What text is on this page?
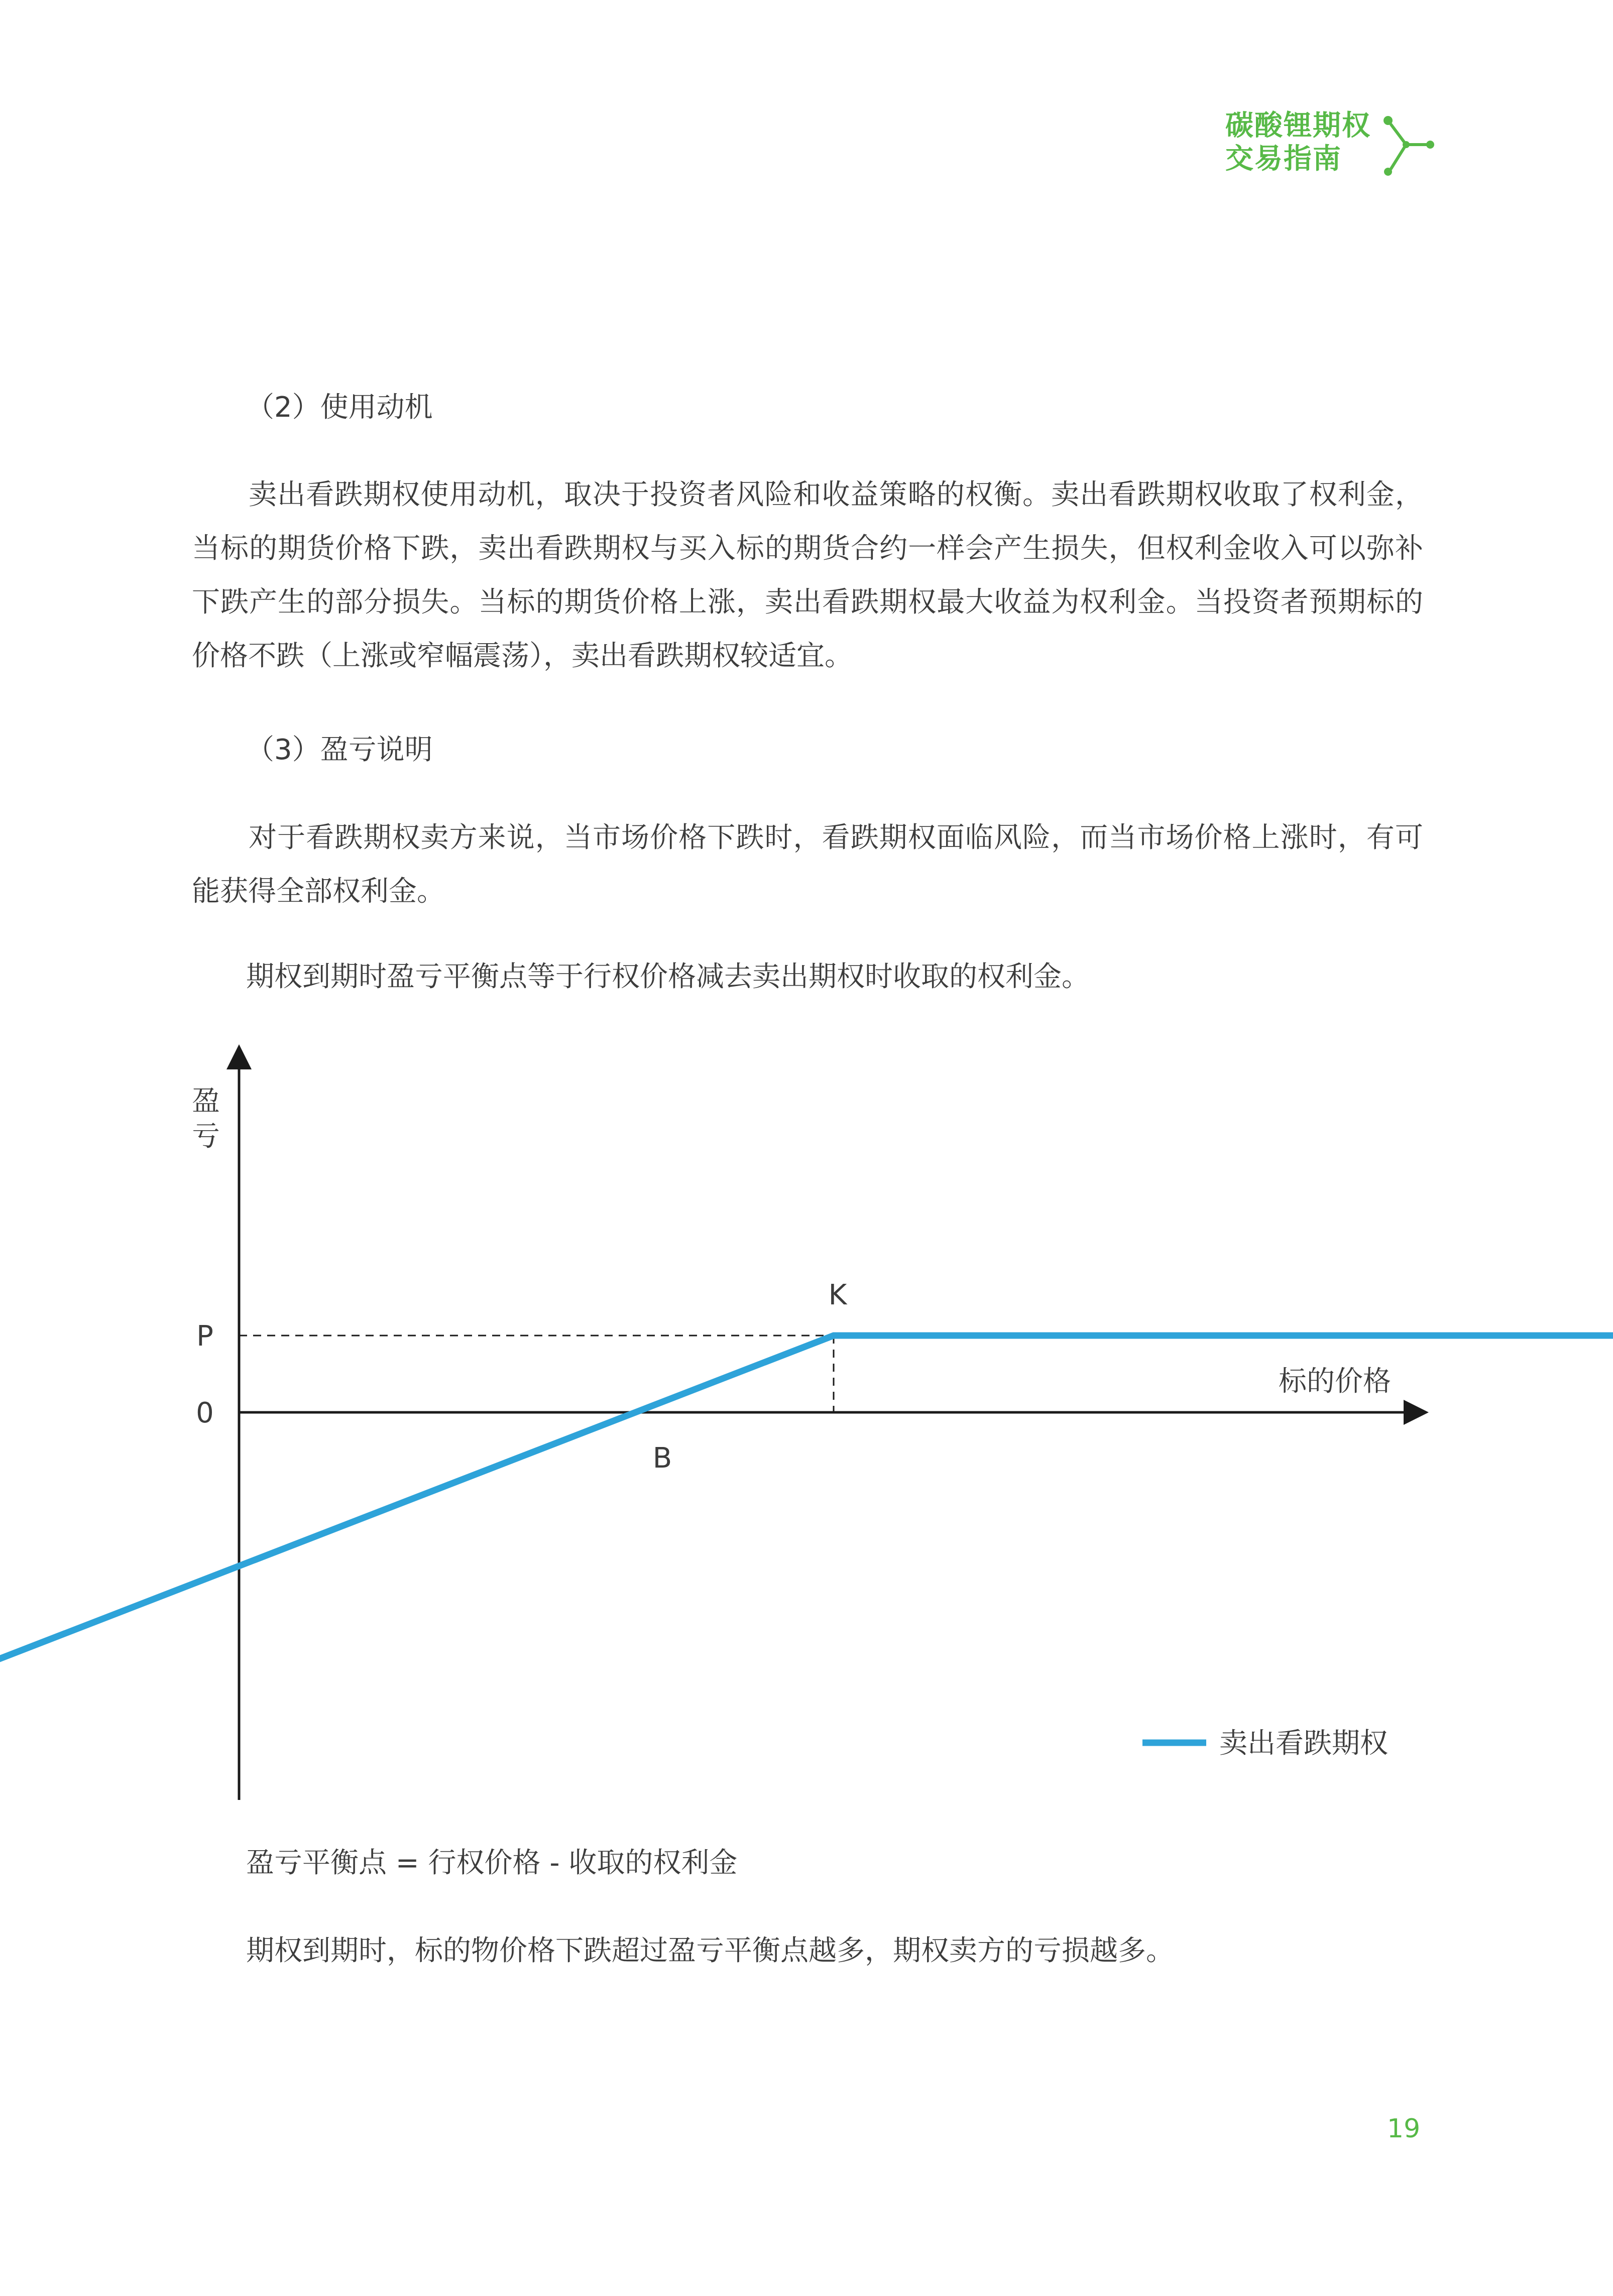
碳酸锂期权
交易指南
（2）使用动机
卖出看跌期权使用动机，取决于投资者风险和收益策略的权衡。卖出看跌期权收取了权利金，当标的期货价格下跌，卖出看跌期权与买入标的期货合约一样会产生损失，但权利金收入可以弥补下跌产生的部分损失。当标的期货价格上涨，卖出看跌期权最大收益为权利金。当投资者预期标的价格不跌（上涨或窄幅震荡），卖出看跌期权较适宜。
（3）盈亏说明
对于看跌期权卖方来说，当市场价格下跌时，看跌期权面临风险，而当市场价格上涨时，有可能获得全部权利金。
期权到期时盈亏平衡点等于行权价格减去卖出期权时收取的权利金。
盈
亏
P
0
K
B
标的价格
卖出看跌期权
盈亏平衡点 = 行权价格 - 收取的权利金
期权到期时，标的物价格下跌超过盈亏平衡点越多，期权卖方的亏损越多。
19
